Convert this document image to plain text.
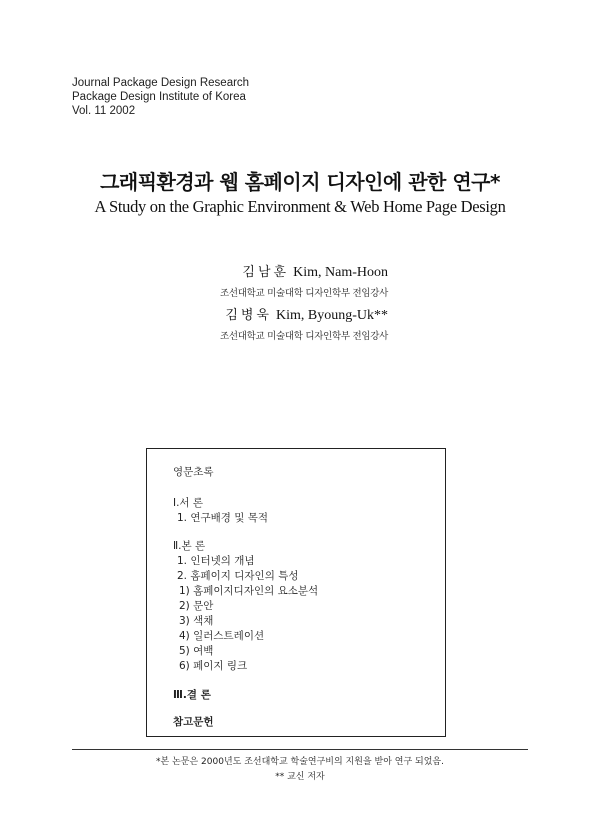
Journal Package Design Research
Package Design Institute of Korea
Vol. 11 2002
그래픽환경과 웹 홈페이지 디자인에 관한 연구*
A Study on the Graphic Environment & Web Home Page Design
김남훈 Kim, Nam-Hoon
조선대학교 미술대학 디자인학부 전임강사
김병욱 Kim, Byoung-Uk**
조선대학교 미술대학 디자인학부 전임강사
영문초록
Ⅰ.서 론
1. 연구배경 및 목적
Ⅱ.본 론
1. 인터넷의 개념
2. 홈페이지 디자인의 특성
1) 홈페이지디자인의 요소분석
2) 문안
3) 색채
4) 일러스트레이션
5) 여백
6) 페이지 링크
Ⅲ.결 론
참고문헌
*본 논문은 2000년도 조선대학교 학술연구비의 지원을 받아 연구 되었음.
** 교신 저자
